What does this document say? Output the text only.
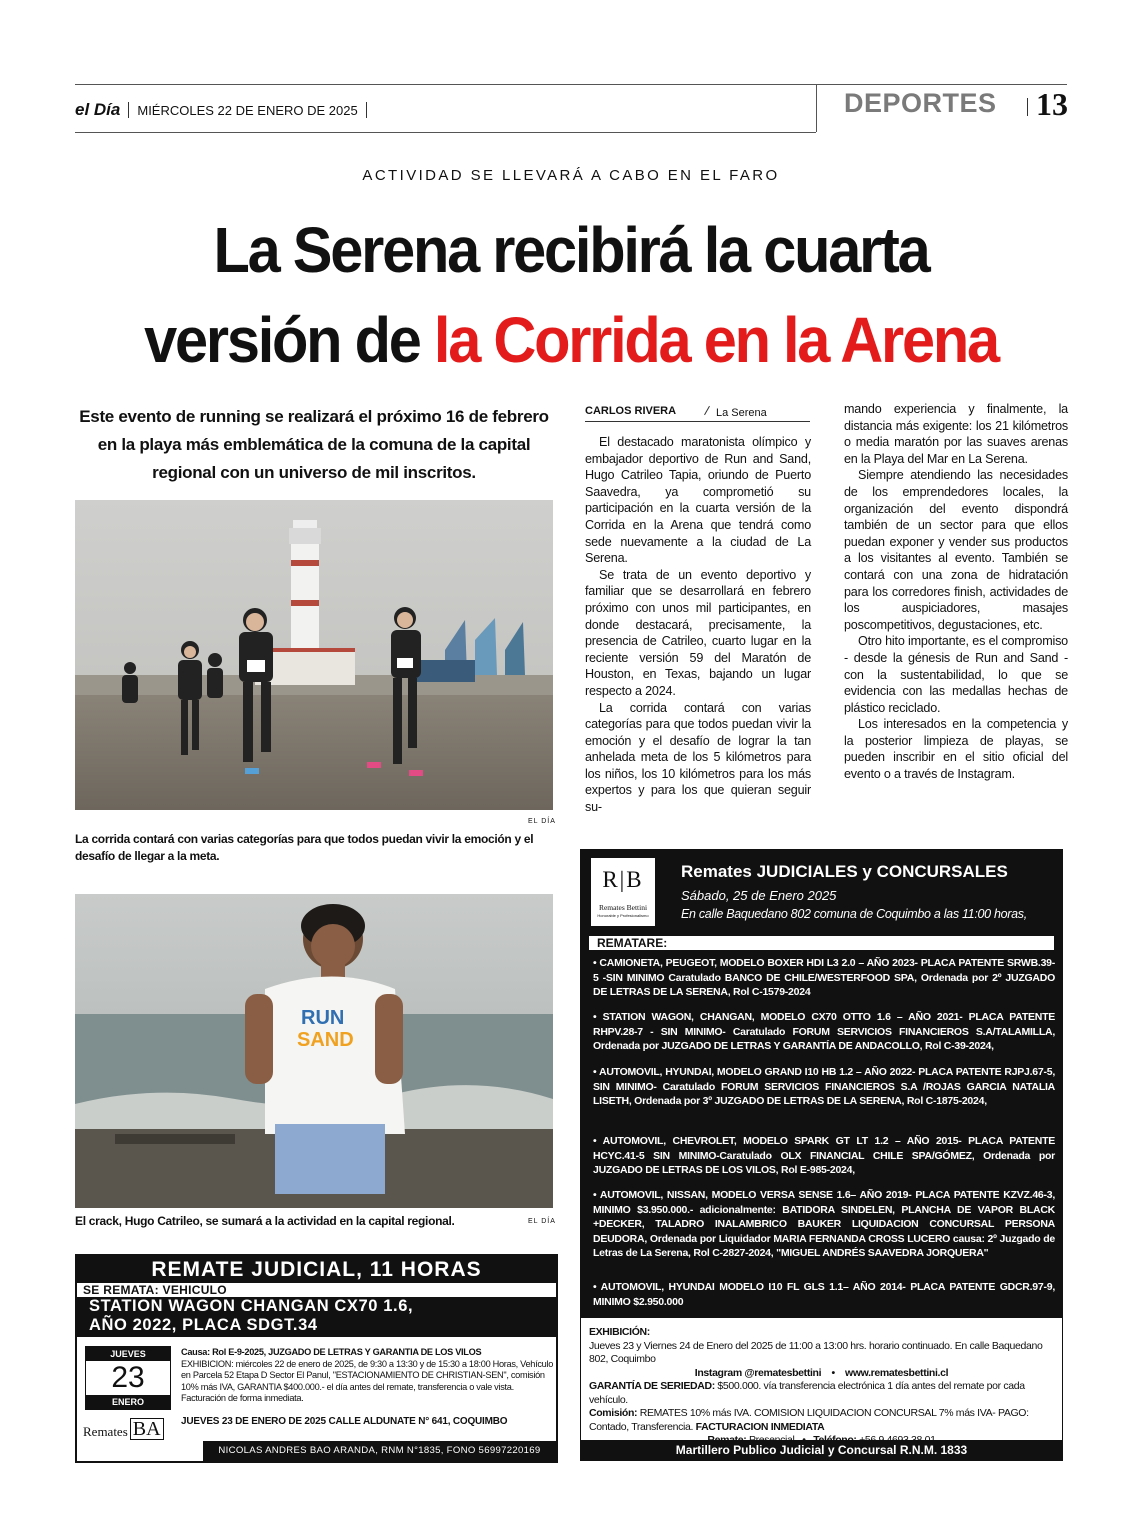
el Día MIÉRCOLES 22 DE ENERO DE 2025	DEPORTES 13
ACTIVIDAD SE LLEVARÁ A CABO EN EL FARO
La Serena recibirá la cuarta
versión de la Corrida en la Arena
Este evento de running se realizará el próximo 16 de febrero en la playa más emblemática de la comuna de la capital regional con un universo de mil inscritos.
EL DÍA
La corrida contará con varias categorías para que todos puedan vivir la emoción y el desafío de llegar a la meta.
RUN
SAND
El crack, Hugo Catrileo, se sumará a la actividad en la capital regional.	EL DÍA
CARLOS RIVERA	La Serena

El destacado maratonista olímpico y embajador deportivo de Run and Sand, Hugo Catrileo Tapia, oriundo de Puerto Saavedra, ya comprometió su participación en la cuarta versión de la Corrida en la Arena que tendrá como sede nuevamente a la ciudad de La Serena.

Se trata de un evento deportivo y familiar que se desarrollará en febrero próximo con unos mil participantes, en donde destacará, precisamente, la presencia de Catrileo, cuarto lugar en la reciente versión 59 del Maratón de Houston, en Texas, bajando un lugar respecto a 2024.

La corrida contará con varias categorías para que todos puedan vivir la emoción y el desafío de lograr la tan anhelada meta de los 5 kilómetros para los niños, los 10 kilómetros para los más expertos y para los que quieran seguir su-

mando experiencia y finalmente, la distancia más exigente: los 21 kilómetros o media maratón por las suaves arenas en la Playa del Mar en La Serena.

Siempre atendiendo las necesidades de los emprendedores locales, la organización del evento dispondrá también de un sector para que ellos puedan exponer y vender sus productos a los visitantes al evento. También se contará con una zona de hidratación para los corredores finish, actividades de los auspiciadores, masajes poscompetitivos, degustaciones, etc.

Otro hito importante, es el compromiso - desde la génesis de Run and Sand - con la sustentabilidad, lo que se evidencia con las medallas hechas de plástico reciclado.

Los interesados en la competencia y la posterior limpieza de playas, se pueden inscribir en el sitio oficial del evento o a través de Instagram.

R|B
Remates Bettini
Honorable y Profesionalismo
Remates JUDICIALES y CONCURSALES
Sábado, 25 de Enero 2025
En calle Baquedano 802 comuna de Coquimbo a las 11:00 horas,
REMATARE:
• CAMIONETA, PEUGEOT, MODELO BOXER HDI L3 2.0 – AÑO 2023- PLACA PATENTE SRWB.39-5 -SIN MINIMO Caratulado BANCO DE CHILE/WESTERFOOD SPA, Ordenada por 2º JUZGADO DE LETRAS DE LA SERENA, Rol C-1579-2024
• STATION WAGON, CHANGAN, MODELO CX70 OTTO 1.6 – AÑO 2021- PLACA PATENTE RHPV.28-7 - SIN MINIMO- Caratulado FORUM SERVICIOS FINANCIEROS S.A/TALAMILLA, Ordenada por JUZGADO DE LETRAS Y GARANTÍA DE ANDACOLLO, Rol C-39-2024,
• AUTOMOVIL, HYUNDAI, MODELO GRAND I10 HB 1.2 – AÑO 2022- PLACA PATENTE RJPJ.67-5, SIN MINIMO- Caratulado FORUM SERVICIOS FINANCIEROS S.A /ROJAS GARCIA NATALIA LISETH, Ordenada por 3º JUZGADO DE LETRAS DE LA SERENA, Rol C-1875-2024,
• AUTOMOVIL, CHEVROLET, MODELO SPARK GT LT 1.2 – AÑO 2015- PLACA PATENTE HCYC.41-5 SIN MINIMO-Caratulado OLX FINANCIAL CHILE SPA/GÓMEZ, Ordenada por JUZGADO DE LETRAS DE LOS VILOS, Rol E-985-2024,
• AUTOMOVIL, NISSAN, MODELO VERSA SENSE 1.6– AÑO 2019- PLACA PATENTE KZVZ.46-3, MINIMO $3.950.000.- adicionalmente: BATIDORA SINDELEN, PLANCHA DE VAPOR BLACK +DECKER, TALADRO INALAMBRICO BAUKER LIQUIDACION CONCURSAL PERSONA DEUDORA, Ordenada por Liquidador MARIA FERNANDA CROSS LUCERO causa: 2º Juzgado de Letras de La Serena, Rol C-2827-2024, "MIGUEL ANDRÉS SAAVEDRA JORQUERA"
• AUTOMOVIL, HYUNDAI MODELO I10 FL GLS 1.1– AÑO 2014- PLACA PATENTE GDCR.97-9, MINIMO $2.950.000
EXHIBICIÓN:
Jueves 23 y Viernes 24 de Enero del 2025 de 11:00 a 13:00 hrs. horario continuado. En calle Baquedano 802, Coquimbo
Instagram @rematesbettini    •    www.rematesbettini.cl
GARANTÍA DE SERIEDAD: $500.000. vía transferencia electrónica 1 día antes del remate por cada vehículo.
Comisión: REMATES 10% más IVA. COMISION LIQUIDACION CONCURSAL 7% más IVA- PAGO: Contado, Transferencia. FACTURACION INMEDIATA
Martillero Publico Judicial y Concursal R.N.M. 1833
REMATE JUDICIAL, 11 HORAS
SE REMATA: VEHICULO
STATION WAGON CHANGAN CX70 1.6,
AÑO 2022, PLACA SDGT.34
JUEVES
23
ENERO
Remates BA
Causa: Rol E-9-2025, JUZGADO DE LETRAS Y GARANTIA DE LOS VILOS
EXHIBICION: miércoles 22 de enero de 2025, de 9:30 a 13:30 y de 15:30 a 18:00 Horas, Vehículo en Parcela 52 Etapa D Sector El Panul, "ESTACIONAMIENTO DE CHRISTIAN-SEN", comisión 10% más IVA, GARANTIA $400.000.- el día antes del remate, transferencia o vale vista. Facturación de forma inmediata.
JUEVES 23 DE ENERO DE 2025 CALLE ALDUNATE N° 641, COQUIMBO
NICOLAS ANDRES BAO ARANDA, RNM N°1835, FONO 56997220169
